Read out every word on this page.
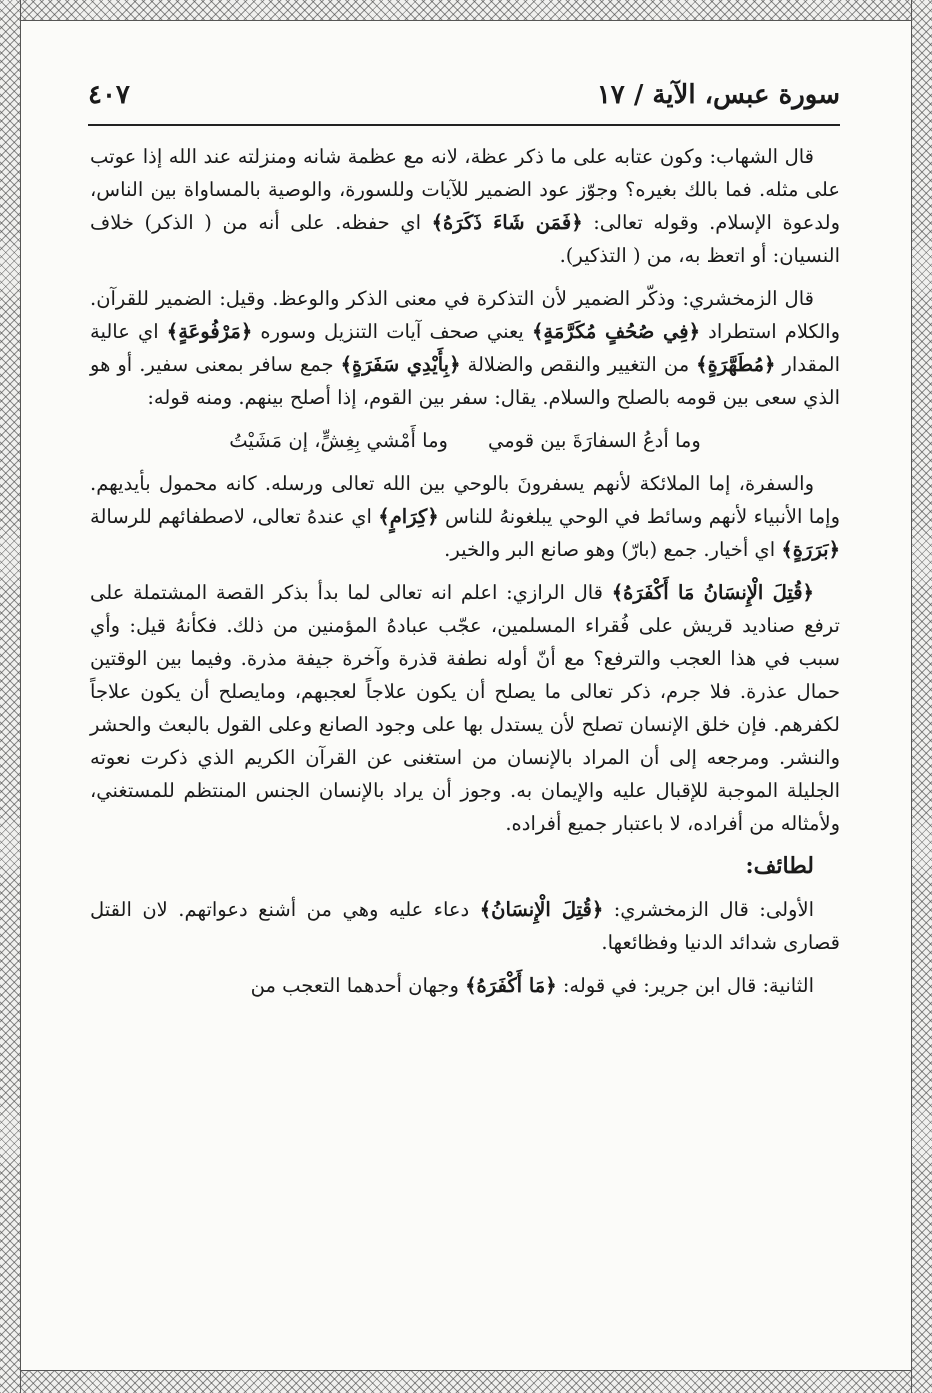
سورة عبس، الآية / ١٧
٤٠٧

قال الشهاب: وكون عتابه على ما ذكر عظة، لانه مع عظمة شانه ومنزلته عند الله إذا عوتب على مثله. فما بالك بغيره؟ وجوّز عود الضمير للآيات وللسورة، والوصية بالمساواة بين الناس، ولدعوة الإسلام. وقوله تعالى: ﴿فَمَن شَاءَ ذَكَرَهُ﴾ اي حفظه. على أنه من ( الذكر) خلاف النسيان: أو اتعظ به، من ( التذكير).

قال الزمخشري: وذكّر الضمير لأن التذكرة في معنى الذكر والوعظ. وقيل: الضمير للقرآن. والكلام استطراد ﴿فِي صُحُفٍ مُكَرَّمَةٍ﴾ يعني صحف آيات التنزيل وسوره ﴿مَرْفُوعَةٍ﴾ اي عالية المقدار ﴿مُطَهَّرَةٍ﴾ من التغيير والنقص والضلالة ﴿بِأَيْدِي سَفَرَةٍ﴾ جمع سافر بمعنى سفير. أو هو الذي سعى بين قومه بالصلح والسلام. يقال: سفر بين القوم، إذا أصلح بينهم. ومنه قوله:

وما أدعُ السفارَةَ بين قومي
وما أَمْشي بِغِشٍّ، إن مَشَيْتُ

والسفرة، إما الملائكة لأنهم يسفرونَ بالوحي بين الله تعالى ورسله. كانه محمول بأيديهم. وإما الأنبياء لأنهم وسائط في الوحي يبلغونهُ للناس ﴿كِرَامٍ﴾ اي عندهُ تعالى، لاصطفائهم للرسالة ﴿بَرَرَةٍ﴾ اي أخيار. جمع (بارّ) وهو صانع البر والخير.

﴿قُتِلَ الْإِنسَانُ مَا أَكْفَرَهُ﴾ قال الرازي: اعلم انه تعالى لما بدأ بذكر القصة المشتملة على ترفع صناديد قريش على فُقراء المسلمين، عجّب عبادهُ المؤمنين من ذلك. فكأنهُ قيل: وأي سبب في هذا العجب والترفع؟ مع أنّ أوله نطفة قذرة وآخرة جيفة مذرة. وفيما بين الوقتين حمال عذرة. فلا جرم، ذكر تعالى ما يصلح أن يكون علاجاً لعجبهم، ومايصلح أن يكون علاجاً لكفرهم. فإن خلق الإنسان تصلح لأن يستدل بها على وجود الصانع وعلى القول بالبعث والحشر والنشر. ومرجعه إلى أن المراد بالإنسان من استغنى عن القرآن الكريم الذي ذكرت نعوته الجليلة الموجبة للإقبال عليه والإيمان به. وجوز أن يراد بالإنسان الجنس المنتظم للمستغني، ولأمثاله من أفراده، لا باعتبار جميع أفراده.

لطائف:

الأولى: قال الزمخشري: ﴿قُتِلَ الْإِنسَانُ﴾ دعاء عليه وهي من أشنع دعواتهم. لان القتل قصارى شدائد الدنيا وفظائعها.

الثانية: قال ابن جرير: في قوله: ﴿مَا أَكْفَرَهُ﴾ وجهان أحدهما التعجب من
